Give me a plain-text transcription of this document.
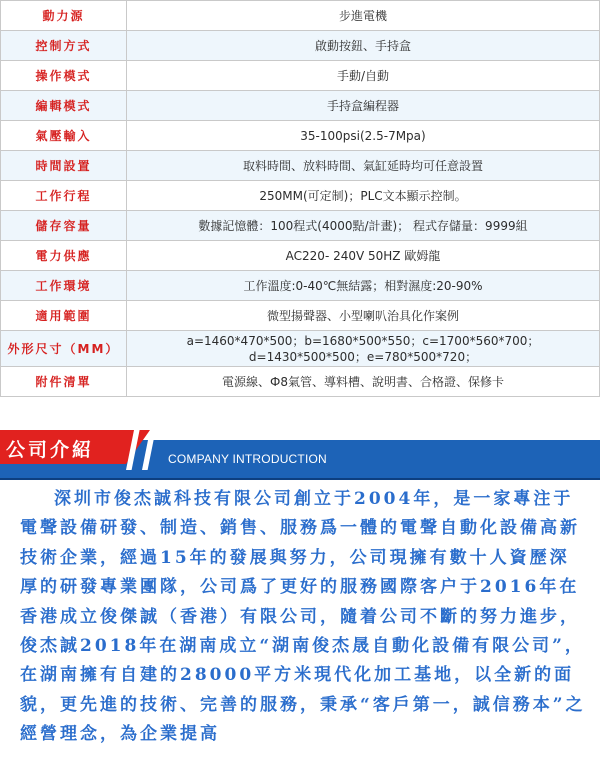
動力源	步進電機
控制方式	啟動按鈕、手持盒
操作模式	手動/自動
編輯模式	手持盒編程器
氣壓輸入	35-100psi(2.5-7Mpa)
時間設置	取料時間、放料時間、氣缸延時均可任意設置
工作行程	250MM(可定制)；PLC文本顯示控制。
儲存容量	數據記憶體：100程式(4000點/計畫)； 程式存儲量：9999組
電力供應	AC220- 240V 50HZ 歐姆龍
工作環境	工作溫度:0-40℃無結露；相對濕度:20-90%
適用範圍	微型揚聲器、小型喇叭治具化作案例
外形尺寸（MM）	a=1460*470*500；b=1680*500*550；c=1700*560*700；d=1430*500*500；e=780*500*720；
附件清單	電源線、Ф8氣管、導料槽、說明書、合格證、保修卡
公司介紹	COMPANY INTRODUCTION

深圳市俊杰誠科技有限公司創立于2004年，是一家專注于電聲設備研發、制造、銷售、服務爲一體的電聲自動化設備高新技術企業，經過15年的發展與努力，公司現擁有數十人資歷深厚的研發專業團隊，公司爲了更好的服務國際客户于2016年在香港成立俊傑誠（香港）有限公司，隨着公司不斷的努力進步，俊杰誠2018年在湖南成立“湖南俊杰晟自動化設備有限公司”，在湖南擁有自建的28000平方米現代化加工基地，以全新的面貌，更先進的技術、完善的服務，秉承“客戶第一，誠信務本”之經營理念，為企業提高
